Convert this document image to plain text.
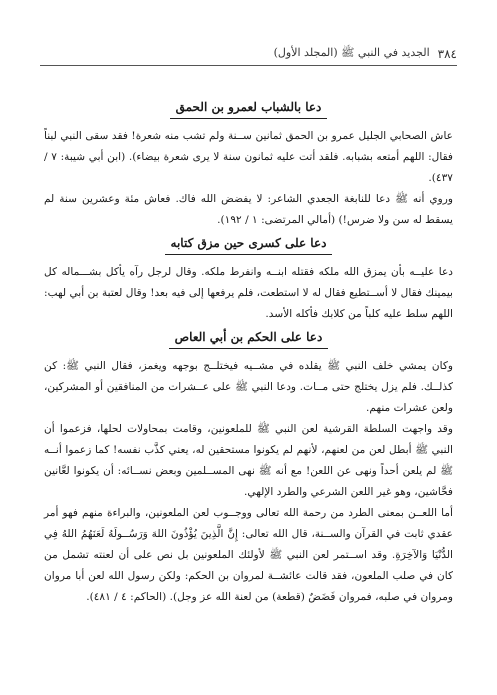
٣٨٤
الجديد في النبي ﷺ (المجلد الأول)
دعا بالشباب لعمرو بن الحمق

عاش الصحابي الجليل عمرو بن الحمق ثمانين ســنة ولم تشب منه شعرة! فقد سقى النبي لبناً فقال: اللهم أمتعه بشبابه. فلقد أتت عليه ثمانون سنة لا يرى شعرة بيضاء). (ابن أبي شيبة: ٧ / ٤٣٧).

وروي أنه ﷺ دعا للنابغة الجعدي الشاعر: لا يفضض الله فاك. فعاش مئة وعشرين سنة لم يسقط له سن ولا ضرس!) (أمالي المرتضى: ١ / ١٩٢).

دعا على كسرى حين مزق كتابه

دعا عليــه بأن يمزق الله ملكه فقتله ابنــه وانفرط ملكه. وقال لرجل رآه يأكل بشـــماله كل بيمينك فقال لا أســتطيع فقال له لا استطعت، فلم يرفعها إلى فيه بعد! وقال لعتبة بن أبي لهب: اللهم سلط عليه كلباً من كلابك فأكله الأسد.

دعا على الحكم بن أبي العاص

وكان يمشي خلف النبي ﷺ يقلده في مشــيه فيختلــج بوجهه ويغمز، فقال النبي ﷺ: كن كذلــك. فلم يزل يختلج حتى مــات. ودعا النبي ﷺ على عــشرات من المنافقين أو المشركين، ولعن عشرات منهم.

وقد واجهت السلطة القرشية لعن النبي ﷺ للملعونين، وقامت بمحاولات لحلها، فزعموا أن النبي ﷺ أبطل لعن من لعنهم، لأنهم لم يكونوا مستحقين له، يعني كذَّب نفسه! كما زعموا أنــه ﷺ لم يلعن أحداً ونهى عن اللعن! مع أنه ﷺ نهى المســلمين وبعض نســائه: أن يكونوا لعَّانين فحَّاشين، وهو غير اللعن الشرعي والطرد الإلهي.

أما اللعــن بمعنى الطرد من رحمة الله تعالى ووجــوب لعن الملعونين، والبراءة منهم فهو أمر عقدي ثابت في القرآن والســنة، قال الله تعالى: إِنَّ الَّذِينَ يُؤْذُونَ اللهَ وَرَسُــولَهُ لَعَنَهُمُ اللهُ فِي الدُّنْيَا وَالآخِرَةِ. وقد اســتمر لعن النبي ﷺ لأولئك الملعونين بل نص على أن لعنته تشمل من كان في صلب الملعون، فقد قالت عائشــة لمروان بن الحكم: ولكن رسول الله لعن أبا مروان ومروان في صلبه، فمروان فَضَضٌ (قطعة) من لعنة الله عز وجل). (الحاكم: ٤ / ٤٨١).
